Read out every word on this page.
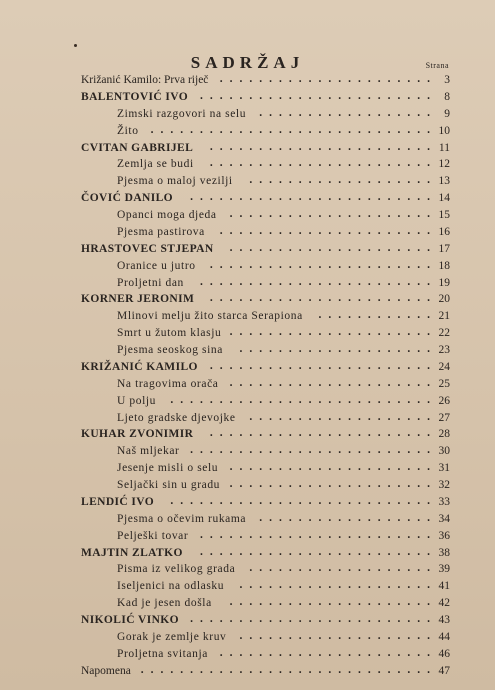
SADRŽAJ	Strana
Križanić Kamilo: Prva riječ	3
......................
BALENTOVIĆ IVO	8
........................
Zimski razgovori na selu	9
..................
Žito	10
.............................
CVITAN GABRIJEL	11
.......................
Zemlja se budi	12
.......................
Pjesma o maloj vezilji	13
...................
ČOVIĆ DANILO	14
.........................
Opanci moga djeda	15
.....................
Pjesma pastirova	16
......................
HRASTOVEC STJEPAN	17
.....................
Oranice u jutro	18
.......................
Proljetni dan	19
........................
KORNER JERONIM	20
.......................
Mlinovi melju žito starca Serapiona	21
............
Smrt u žutom klasju	22
.....................
Pjesma seoskog sina	23
....................
KRIŽANIĆ KAMILO	24
.......................
Na tragovima orača	25
.....................
U polju	26
...........................
Ljeto gradske djevojke	27
...................
KUHAR ZVONIMIR	28
.......................
Naš mljekar	30
.........................
Jesenje misli o selu	31
.....................
Seljački sin u gradu	32
.....................
LENDIĆ IVO	33
...........................
Pjesma o očevim rukama	34
..................
Pelješki tovar	36
........................
MAJTIN ZLATKO	38
........................
Pisma iz velikog grada	39
...................
Iseljenici na odlasku	41
....................
Kad je jesen došla	42
.....................
NIKOLIĆ VINKO	43
.........................
Gorak je zemlje kruv	44
....................
Proljetna svitanja	46
......................
Napomena	47
..............................
